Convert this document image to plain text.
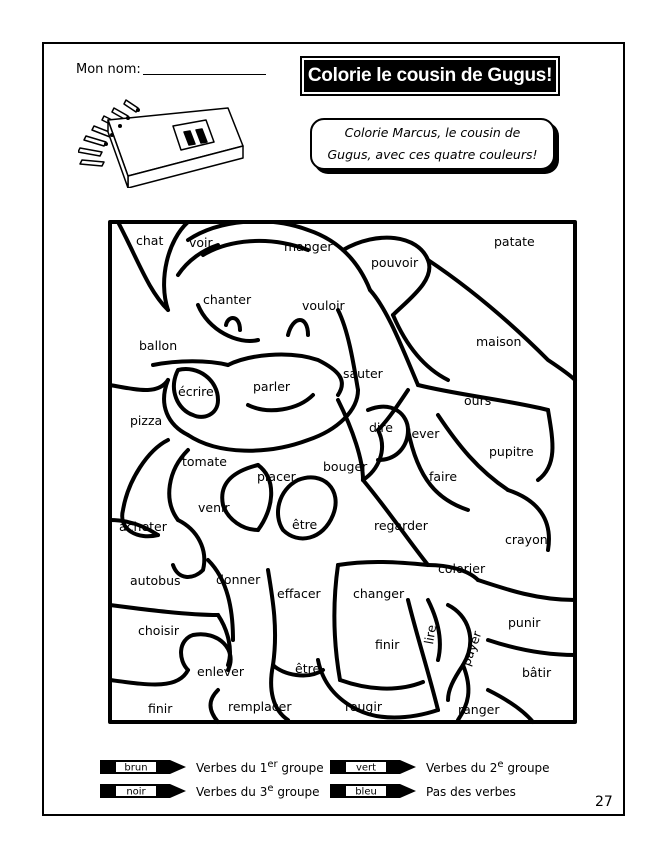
Mon nom:	Colorie le cousin de Gugus!
Colorie Marcus, le cousin de
Gugus, avec ces quatre couleurs!
chat voir	manger	patate
pouvoir
chanter	vouloir
ballon	maison
sauter
écrire	parler
ours
pizza	dire lever
pupitre
tomate	bouger
placer	faire
venir
acheter	être	regarder
crayon
colorier
autobus	donner
effacer	changer
choisir
punir
finir lire payer
enlever	être	bâtir
finir	remplacer	rougir	ranger
brun	Verbes du 1er groupe	vert	Verbes du 2e groupe
noir	Verbes du 3e groupe	bleu	Pas des verbes
27
